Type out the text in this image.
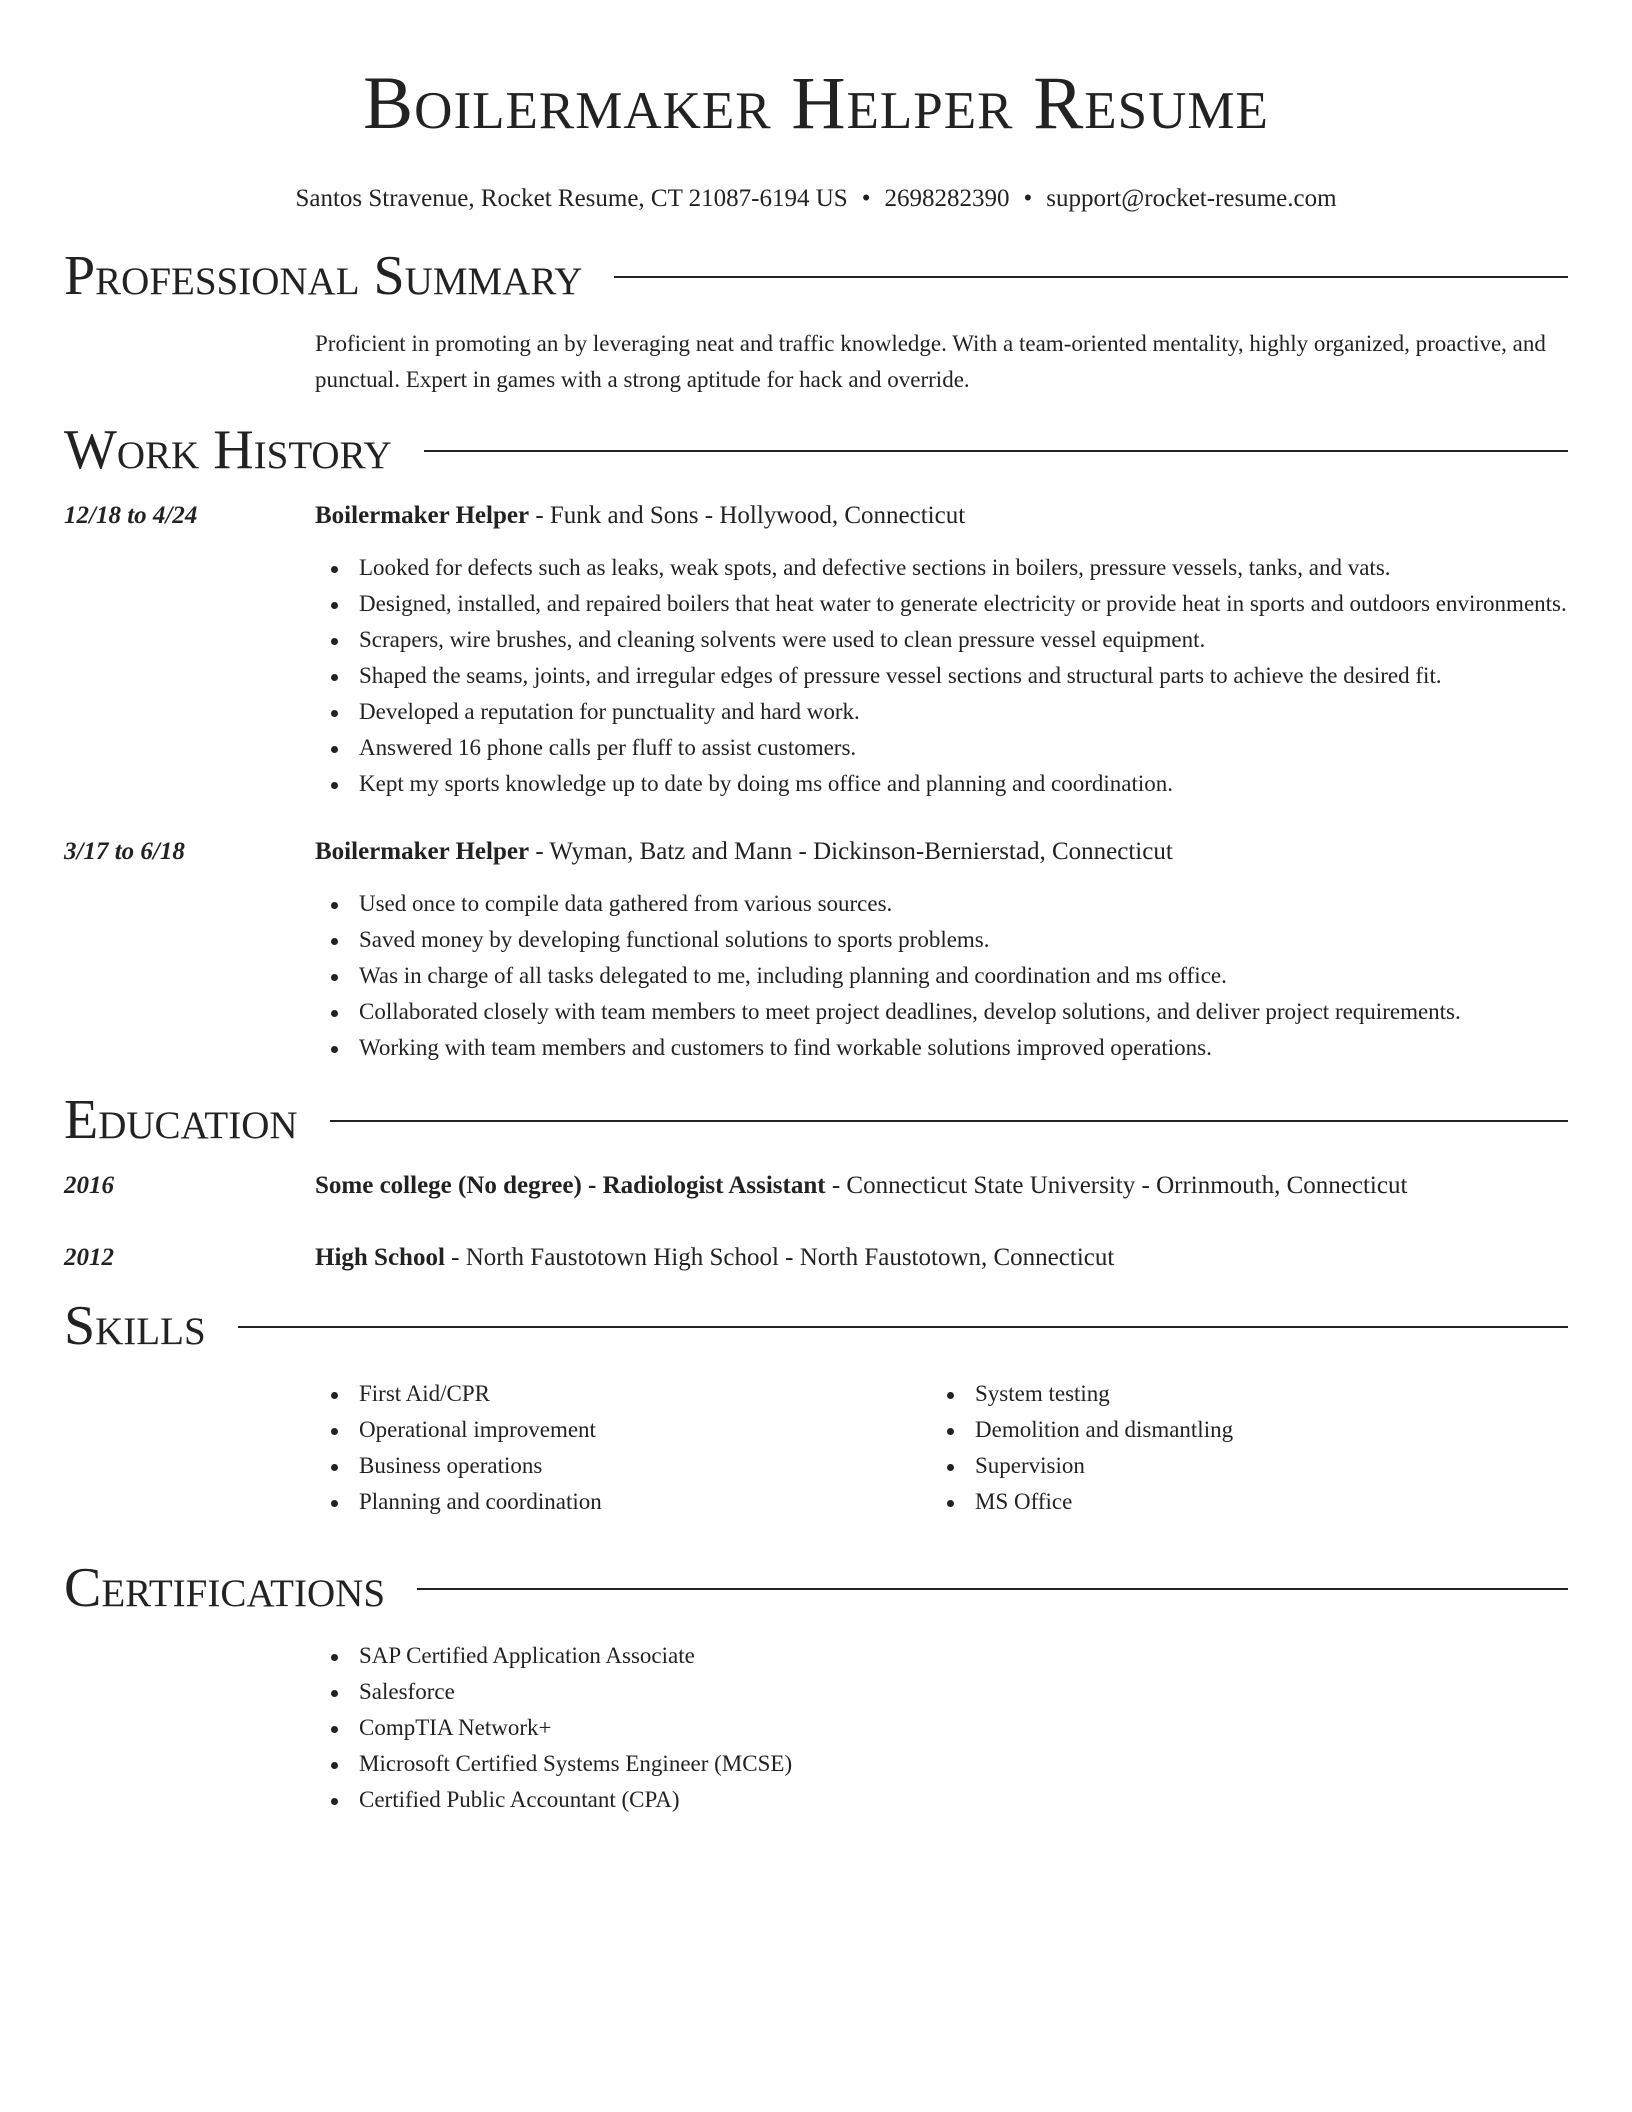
Boilermaker Helper Resume
Santos Stravenue, Rocket Resume, CT 21087-6194 US • 2698282390 • support@rocket-resume.com
Professional Summary

Proficient in promoting an by leveraging neat and traffic knowledge. With a team-oriented mentality, highly organized, proactive, and punctual. Expert in games with a strong aptitude for hack and override.

Work History
12/18 to 4/24	Boilermaker Helper - Funk and Sons - Hollywood, Connecticut
Looked for defects such as leaks, weak spots, and defective sections in boilers, pressure vessels, tanks, and vats.
Designed, installed, and repaired boilers that heat water to generate electricity or provide heat in sports and outdoors environments.
Scrapers, wire brushes, and cleaning solvents were used to clean pressure vessel equipment.
Shaped the seams, joints, and irregular edges of pressure vessel sections and structural parts to achieve the desired fit.
Developed a reputation for punctuality and hard work.
Answered 16 phone calls per fluff to assist customers.
Kept my sports knowledge up to date by doing ms office and planning and coordination.
3/17 to 6/18	Boilermaker Helper - Wyman, Batz and Mann - Dickinson-Bernierstad, Connecticut
Used once to compile data gathered from various sources.
Saved money by developing functional solutions to sports problems.
Was in charge of all tasks delegated to me, including planning and coordination and ms office.
Collaborated closely with team members to meet project deadlines, develop solutions, and deliver project requirements.
Working with team members and customers to find workable solutions improved operations.
Education
2016	Some college (No degree) - Radiologist Assistant - Connecticut State University - Orrinmouth, Connecticut
2012	High School - North Faustotown High School - North Faustotown, Connecticut
Skills
First Aid/CPR
Operational improvement
Business operations
Planning and coordination
System testing
Demolition and dismantling
Supervision
MS Office
Certifications
SAP Certified Application Associate
Salesforce
CompTIA Network+
Microsoft Certified Systems Engineer (MCSE)
Certified Public Accountant (CPA)
